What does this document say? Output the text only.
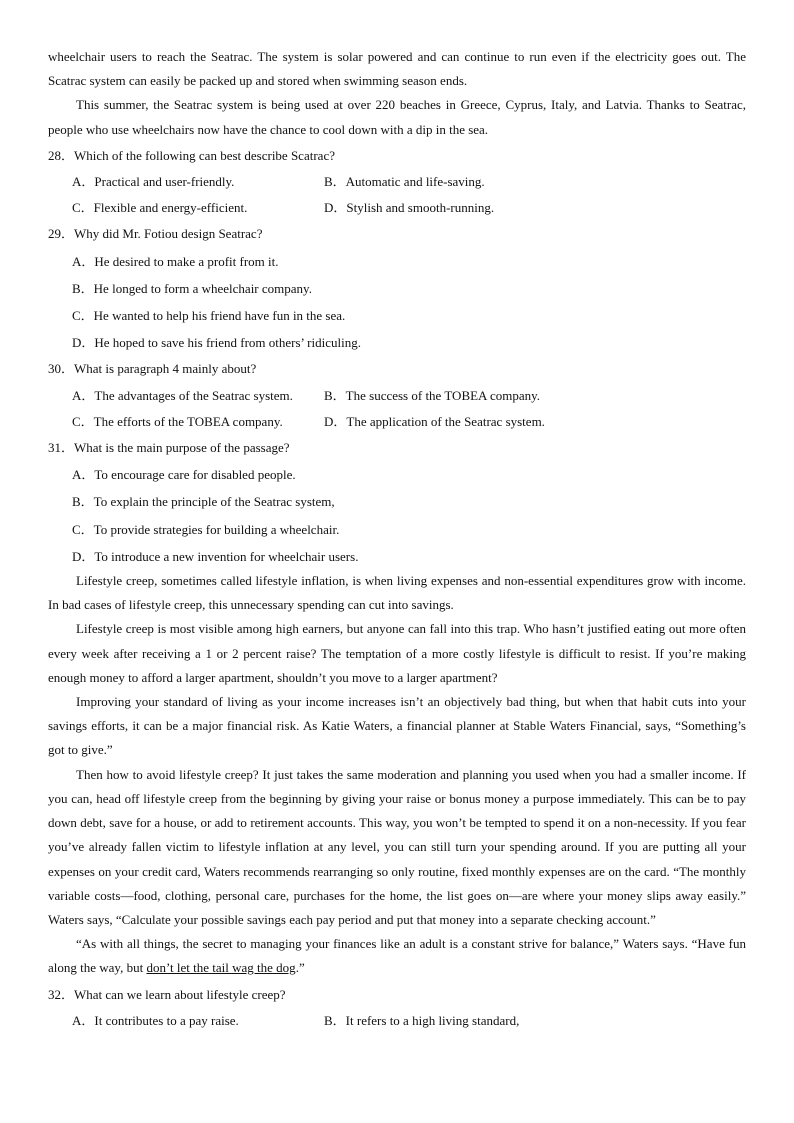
wheelchair users to reach the Seatrac. The system is solar powered and can continue to run even if the electricity goes out. The Scatrac system can easily be packed up and stored when swimming season ends.

This summer, the Seatrac system is being used at over 220 beaches in Greece, Cyprus, Italy, and Latvia. Thanks to Seatrac, people who use wheelchairs now have the chance to cool down with a dip in the sea.

28．Which of the following can best describe Scatrac?
A．Practical and user-friendly.	B．Automatic and life-saving.
C．Flexible and energy-efficient.	D．Stylish and smooth-running.
29．Why did Mr. Fotiou design Seatrac?
A．He desired to make a profit from it.
B．He longed to form a wheelchair company.
C．He wanted to help his friend have fun in the sea.
D．He hoped to save his friend from others’ ridiculing.
30．What is paragraph 4 mainly about?
A．The advantages of the Seatrac system.	B．The success of the TOBEA company.
C．The efforts of the TOBEA company.	D．The application of the Seatrac system.
31．What is the main purpose of the passage?
A．To encourage care for disabled people.
B．To explain the principle of the Seatrac system,
C．To provide strategies for building a wheelchair.
D．To introduce a new invention for wheelchair users.

Lifestyle creep, sometimes called lifestyle inflation, is when living expenses and non-essential expenditures grow with income. In bad cases of lifestyle creep, this unnecessary spending can cut into savings.

Lifestyle creep is most visible among high earners, but anyone can fall into this trap. Who hasn’t justified eating out more often every week after receiving a 1 or 2 percent raise? The temptation of a more costly lifestyle is difficult to resist. If you’re making enough money to afford a larger apartment, shouldn’t you move to a larger apartment?

Improving your standard of living as your income increases isn’t an objectively bad thing, but when that habit cuts into your savings efforts, it can be a major financial risk. As Katie Waters, a financial planner at Stable Waters Financial, says, “Something’s got to give.”

Then how to avoid lifestyle creep? It just takes the same moderation and planning you used when you had a smaller income. If you can, head off lifestyle creep from the beginning by giving your raise or bonus money a purpose immediately. This can be to pay down debt, save for a house, or add to retirement accounts. This way, you won’t be tempted to spend it on a non-necessity. If you fear you’ve already fallen victim to lifestyle inflation at any level, you can still turn your spending around. If you are putting all your expenses on your credit card, Waters recommends rearranging so only routine, fixed monthly expenses are on the card. “The monthly variable costs—food, clothing, personal care, purchases for the home, the list goes on—are where your money slips away easily.” Waters says, “Calculate your possible savings each pay period and put that money into a separate checking account.”

“As with all things, the secret to managing your finances like an adult is a constant strive for balance,” Waters says. “Have fun along the way, but don’t let the tail wag the dog.”

32．What can we learn about lifestyle creep?
A．It contributes to a pay raise.	B．It refers to a high living standard,
